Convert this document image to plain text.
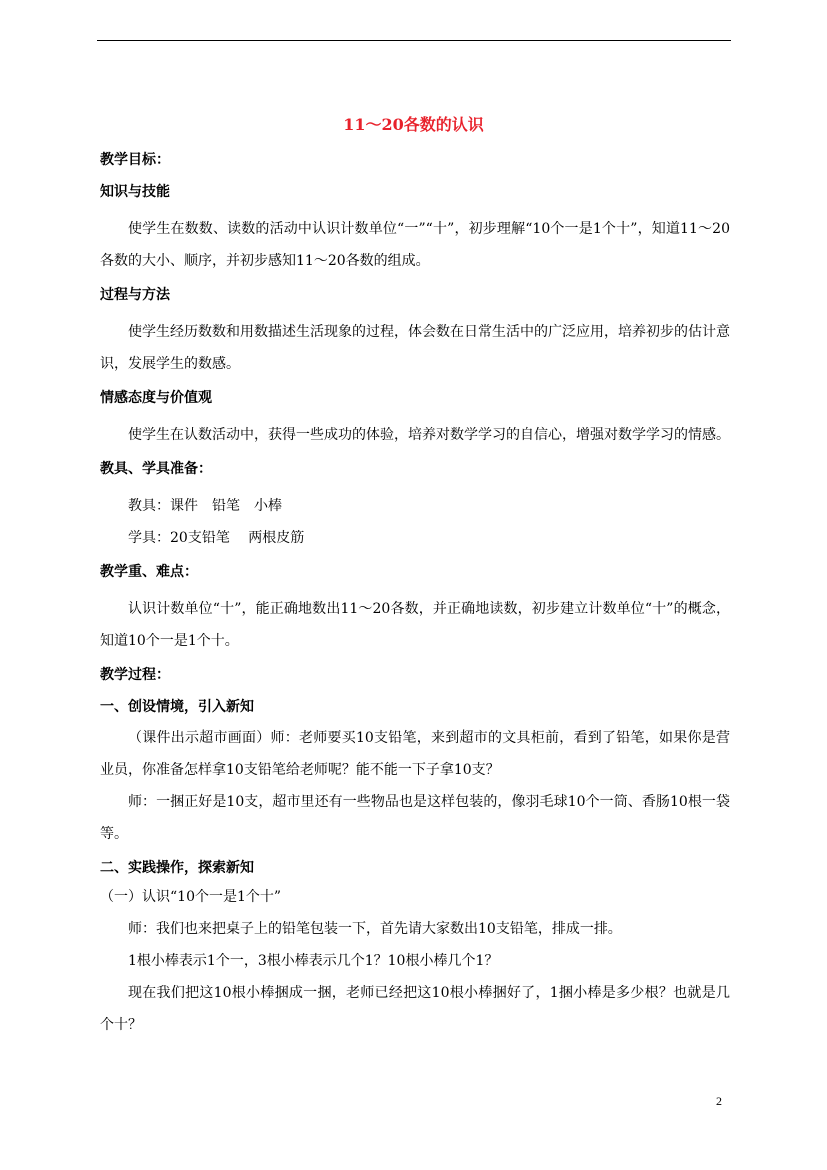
11～20各数的认识

教学目标：

知识与技能

使学生在数数、读数的活动中认识计数单位“一”“十”，初步理解“10个一是1个十”，知道11～20各数的大小、顺序，并初步感知11～20各数的组成。

过程与方法

使学生经历数数和用数描述生活现象的过程，体会数在日常生活中的广泛应用，培养初步的估计意识，发展学生的数感。

情感态度与价值观

使学生在认数活动中，获得一些成功的体验，培养对数学学习的自信心，增强对数学学习的情感。

教具、学具准备：

教具：课件　铅笔　小棒

学具：20支铅笔　 两根皮筋

教学重、难点：

认识计数单位“十”，能正确地数出11～20各数，并正确地读数，初步建立计数单位“十”的概念，知道10个一是1个十。

教学过程：

一、创设情境，引入新知

（课件出示超市画面）师：老师要买10支铅笔，来到超市的文具柜前，看到了铅笔，如果你是营业员，你准备怎样拿10支铅笔给老师呢？能不能一下子拿10支？

师：一捆正好是10支，超市里还有一些物品也是这样包装的，像羽毛球10个一筒、香肠10根一袋等。

二、实践操作，探索新知

（一）认识“10个一是1个十”

师：我们也来把桌子上的铅笔包装一下，首先请大家数出10支铅笔，排成一排。

1根小棒表示1个一，3根小棒表示几个1？10根小棒几个1？

现在我们把这10根小棒捆成一捆，老师已经把这10根小棒捆好了，1捆小棒是多少根？也就是几个十？

2
